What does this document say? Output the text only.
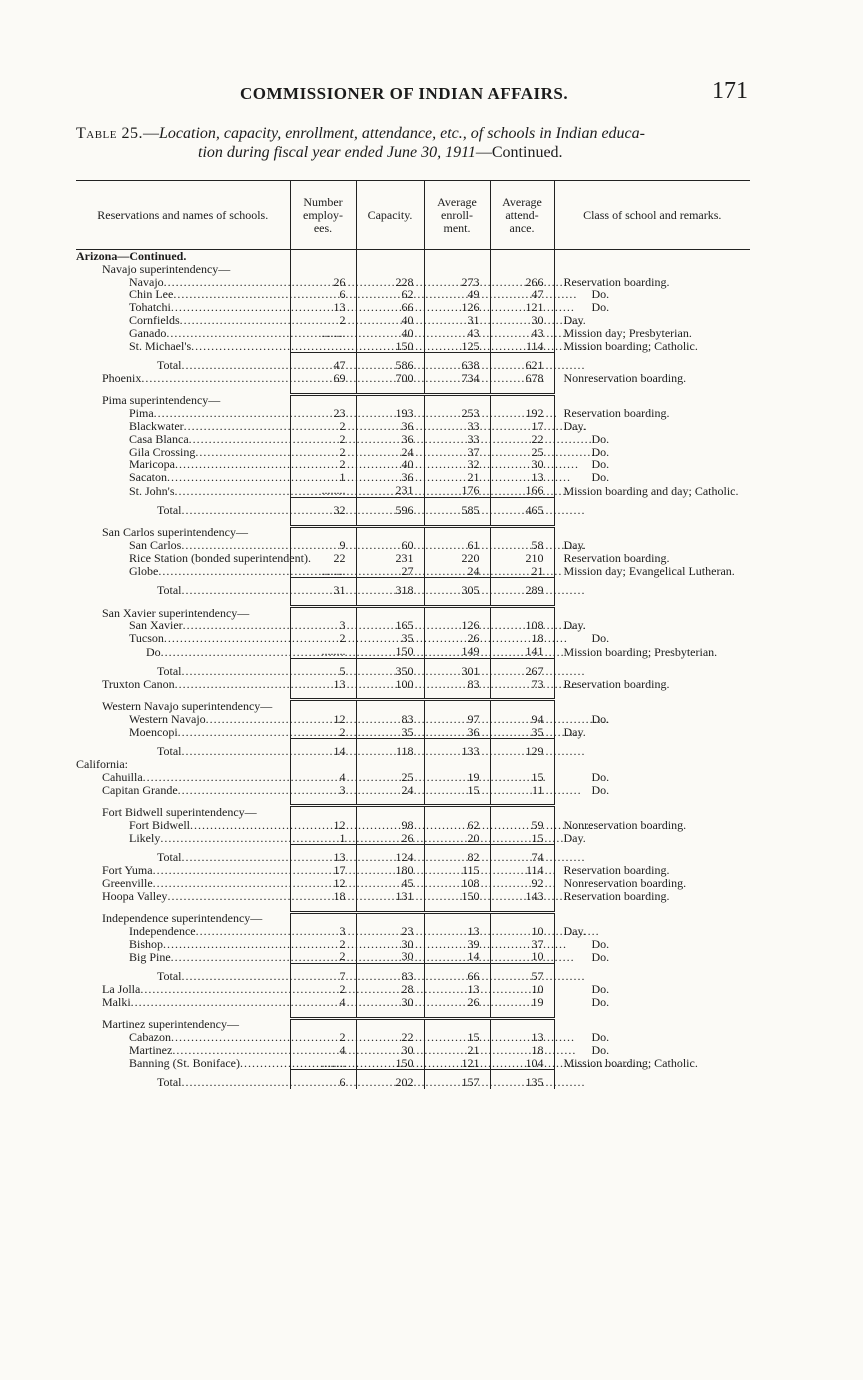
COMMISSIONER OF INDIAN AFFAIRS.	171
Table 25.—Location, capacity, enrollment, attendance, etc., of schools in Indian educa-
tion during fiscal year ended June 30, 1911—Continued.
Reservations and names of schools.	Number employ- ees.	Capacity.	Average enroll- ment.	Average attend- ance.	Class of school and remarks.

Arizona—Continued.					

Navajo superintendency—					

Navajo
.....	26	228	273	266	Reservation boarding.

Chin Lee
.....	6	62	49	47	Do.

Tohatchi
.....	13	66	126	121	Do.

Cornfields
.....	2	40	31	30	Day.

Ganado
.....	........	40	43	43	Mission day; Presbyterian.

St. Michael's
.....		150	125	114	Mission boarding; Catholic.

Total
.....	47	586	638	621	

Phoenix
.....	69	700	734	678	Nonreservation boarding.

Pima superintendency—					

Pima
.....	23	193	253	192	Reservation boarding.

Blackwater
.....	2	36	33	17	Day.

Casa Blanca
.....	2	36	33	22	Do.

Gila Crossing
.....	2	24	37	25	Do.

Maricopa
.....	2	40	32	30	Do.

Sacaton
.....	1	36	21	13	Do.

St. John's
.....	........	231	176	166	Mission boarding and day; Catholic.

Total
.....	32	596	585	465	

San Carlos superintendency—					

San Carlos
.....	9	60	61	58	Day.

Rice Station (bonded superintendent).	22	231	220	210	Reservation boarding.

Globe
.....	........	27	24	21	Mission day; Evangelical Lutheran.

Total
.....	31	318	305	289	

San Xavier superintendency—					

San Xavier
.....	3	165	126	108	Day.

Tucson
.....	2	35	26	18	Do.

Do
.....	........	150	149	141	Mission boarding; Presbyterian.

Total
.....	5	350	301	267	

Truxton Canon
.....	13	100	83	73	Reservation boarding.

Western Navajo superintendency—					

Western Navajo
.....	12	83	97	94	Do.

Moencopi
.....	2	35	36	35	Day.

Total
.....	14	118	133	129	

California:					

Cahuilla
.....	4	25	19	15	Do.

Capitan Grande
.....	3	24	15	11	Do.

Fort Bidwell superintendency—					

Fort Bidwell
.....	12	98	62	59	Nonreservation boarding.

Likely
.....	1	26	20	15	Day.

Total
.....	13	124	82	74	

Fort Yuma
.....	17	180	115	114	Reservation boarding.

Greenville
.....	12	45	108	92	Nonreservation boarding.

Hoopa Valley
.....	18	131	150	143	Reservation boarding.

Independence superintendency—					

Independence
.....	3	23	13	10	Day.

Bishop
.....	2	30	39	37	Do.

Big Pine
.....	2	30	14	10	Do.

Total
.....	7	83	66	57	

La Jolla
.....	2	28	13	10	Do.

Malki
.....	4	30	26	19	Do.

Martinez superintendency—					

Cabazon
.....	2	22	15	13	Do.

Martinez
.....	4	30	21	18	Do.

Banning (St. Boniface)
.....	........	150	121	104	Mission boarding; Catholic.

Total
.....	6	202	157	135	
